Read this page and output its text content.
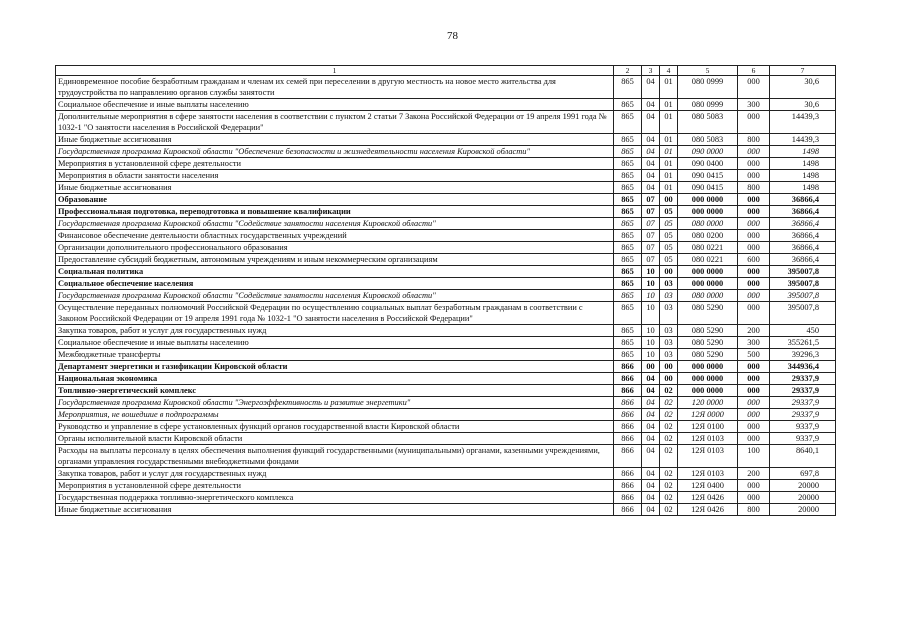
78
1	2	3	4	5	6	7
Единовременное пособие безработным гражданам и членам их семей при переселении в другую местность на новое место жительства для трудоустройства по направлению органов службы занятости	865	04	01	080 0999	000	30,6
Социальное обеспечение и иные выплаты населению	865	04	01	080 0999	300	30,6
Дополнительные мероприятия в сфере занятости населения в соответствии с пунктом 2 статьи 7 Закона Российской Федерации от 19 апреля 1991 года № 1032-1 "О занятости населения в Российской Федерации"	865	04	01	080 5083	000	14439,3
Иные бюджетные ассигнования	865	04	01	080 5083	800	14439,3
Государственная программа Кировской области "Обеспечение безопасности и жизнедеятельности населения Кировской области"	865	04	01	090 0000	000	1498
Мероприятия в установленной сфере деятельности	865	04	01	090 0400	000	1498
Мероприятия в области занятости населения	865	04	01	090 0415	000	1498
Иные бюджетные ассигнования	865	04	01	090 0415	800	1498
Образование	865	07	00	000 0000	000	36866,4
Профессиональная подготовка, переподготовка и повышение квалификации	865	07	05	000 0000	000	36866,4
Государственная программа Кировской области "Содействие занятости населения Кировской области"	865	07	05	080 0000	000	36866,4
Финансовое обеспечение деятельности областных государственных учреждений	865	07	05	080 0200	000	36866,4
Организации дополнительного профессионального образования	865	07	05	080 0221	000	36866,4
Предоставление субсидий бюджетным, автономным учреждениям и иным некоммерческим организациям	865	07	05	080 0221	600	36866,4
Социальная политика	865	10	00	000 0000	000	395007,8
Социальное обеспечение населения	865	10	03	000 0000	000	395007,8
Государственная программа Кировской области "Содействие занятости населения Кировской области"	865	10	03	080 0000	000	395007,8
Осуществление переданных полномочий Российской Федерации по осуществлению социальных выплат безработным гражданам в соответствии с Законом Российской Федерации от 19 апреля 1991 года № 1032-1 "О занятости населения в Российской Федерации"	865	10	03	080 5290	000	395007,8
Закупка товаров, работ и услуг для государственных нужд	865	10	03	080 5290	200	450
Социальное обеспечение и иные выплаты населению	865	10	03	080 5290	300	355261,5
Межбюджетные трансферты	865	10	03	080 5290	500	39296,3
Департамент энергетики и газификации Кировской области	866	00	00	000 0000	000	344936,4
Национальная экономика	866	04	00	000 0000	000	29337,9
Топливно-энергетический комплекс	866	04	02	000 0000	000	29337,9
Государственная программа Кировской области "Энергоэффективность и развитие энергетики"	866	04	02	120 0000	000	29337,9
Мероприятия, не вошедшие в подпрограммы	866	04	02	12Я 0000	000	29337,9
Руководство и управление в сфере установленных функций органов государственной власти Кировской области	866	04	02	12Я 0100	000	9337,9
Органы исполнительной власти Кировской области	866	04	02	12Я 0103	000	9337,9
Расходы на выплаты персоналу в целях обеспечения выполнения функций государственными (муниципальными) органами, казенными учреждениями, органами управления государственными внебюджетными фондами	866	04	02	12Я 0103	100	8640,1
Закупка товаров, работ и услуг для государственных нужд	866	04	02	12Я 0103	200	697,8
Мероприятия в установленной сфере деятельности	866	04	02	12Я 0400	000	20000
Государственная поддержка топливно-энергетического комплекса	866	04	02	12Я 0426	000	20000
Иные бюджетные ассигнования	866	04	02	12Я 0426	800	20000
